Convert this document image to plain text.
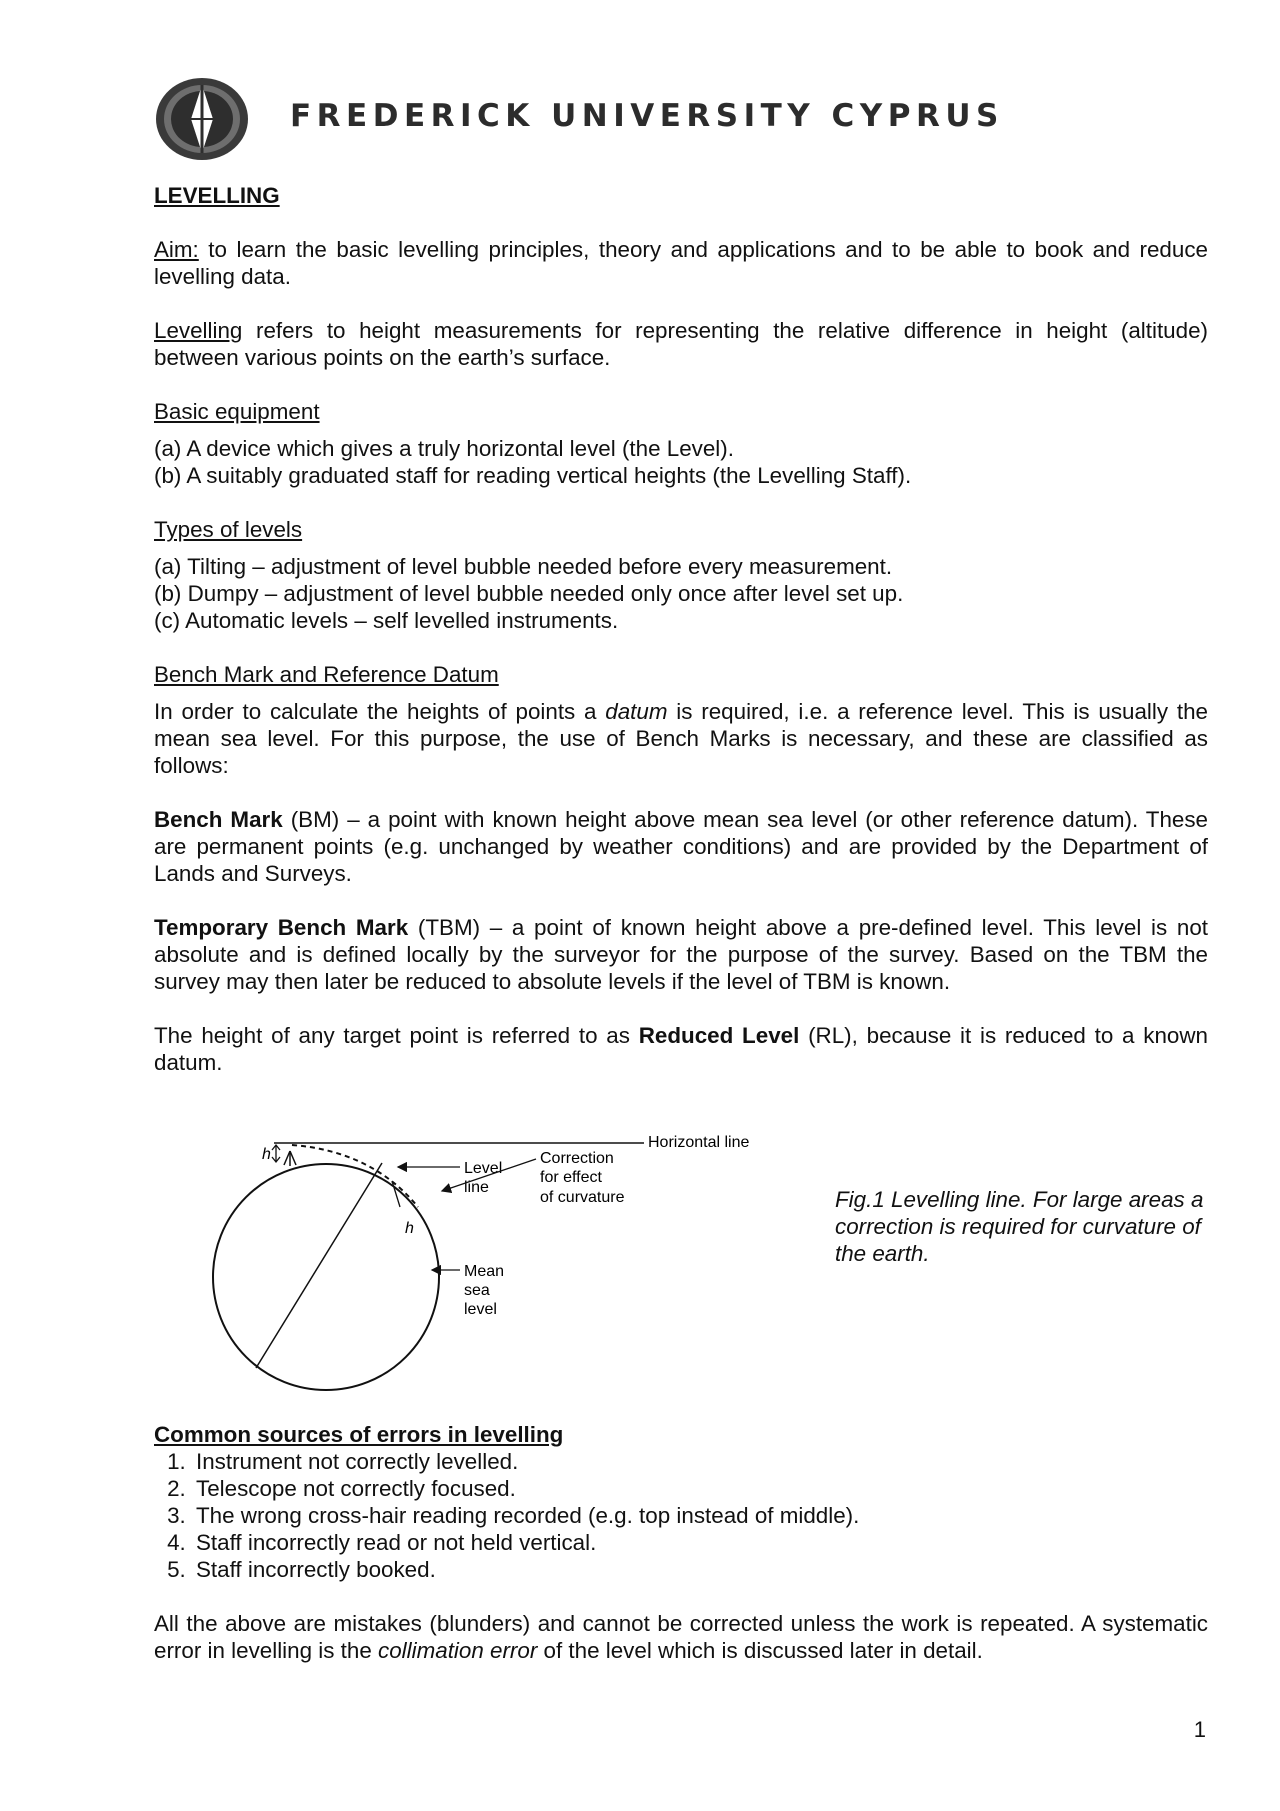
FREDERICK UNIVERSITY CYPRUS

LEVELLING

Aim: to learn the basic levelling principles, theory and applications and to be able to book and reduce levelling data.

Levelling refers to height measurements for representing the relative difference in height (altitude) between various points on the earth’s surface.

Basic equipment

(a) A device which gives a truly horizontal level (the Level).

(b) A suitably graduated staff for reading vertical heights (the Levelling Staff).

Types of levels

(a) Tilting – adjustment of level bubble needed before every measurement.

(b) Dumpy – adjustment of level bubble needed only once after level set up.

(c) Automatic levels – self levelled instruments.

Bench Mark and Reference Datum

In order to calculate the heights of points a datum is required, i.e. a reference level. This is usually the mean sea level. For this purpose, the use of Bench Marks is necessary, and these are classified as follows:

Bench Mark (BM) – a point with known height above mean sea level (or other reference datum). These are permanent points (e.g. unchanged by weather conditions) and are provided by the Department of Lands and Surveys.

Temporary Bench Mark (TBM) – a point of known height above a pre-defined level. This level is not absolute and is defined locally by the surveyor for the purpose of the survey. Based on the TBM the survey may then later be reduced to absolute levels if the level of TBM is known.

The height of any target point is referred to as Reduced Level (RL), because it is reduced to a known datum.

h
h
Horizontal line
Level
line
Correction
for effect
of curvature
Mean
sea
level

Fig.1 Levelling line. For large areas a correction is required for curvature of the earth.

Common sources of errors in levelling

1. Instrument not correctly levelled.
2. Telescope not correctly focused.
3. The wrong cross-hair reading recorded (e.g. top instead of middle).
4. Staff incorrectly read or not held vertical.
5. Staff incorrectly booked.

All the above are mistakes (blunders) and cannot be corrected unless the work is repeated. A systematic error in levelling is the collimation error of the level which is discussed later in detail.

1
